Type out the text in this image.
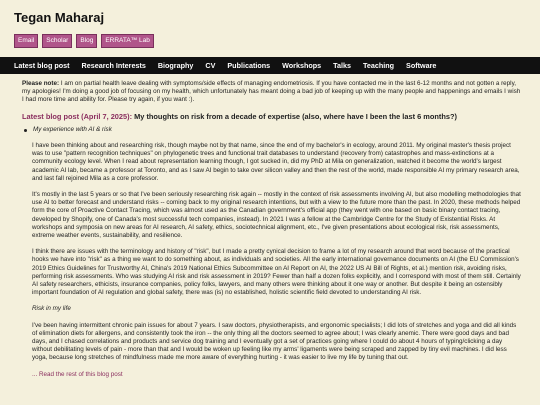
Tegan Maharaj
Email	Scholar	Blog	ERRATA™ Lab
Latest blog post Research Interests Biography CV Publications Workshops Talks Teaching Software

Please note: I am on partial health leave dealing with symptoms/side effects of managing endometriosis. If you have contacted me in the last 6-12 months and not gotten a reply, my apologies! I'm doing a good job of focusing on my health, which unfortunately has meant doing a bad job of keeping up with the many people and happenings and emails I wish I had more time and ability for. Please try again, if you want :).

Latest blog post (April 7, 2025): My thoughts on risk from a decade of expertise (also, where have I been the last 6 months?)
My experience with AI & risk

I have been thinking about and researching risk, though maybe not by that name, since the end of my bachelor's in ecology, around 2011. My original master's thesis project was to use "pattern recognition techniques" on phylogenetic trees and functional trait databases to understand (recovery from) catastrophes and mass-extinctions at a community ecology level. When I read about representation learning though, I got sucked in, did my PhD at Mila on generalization, watched it become the world's largest academic AI lab, became a professor at Toronto, and as I saw AI begin to take over silicon valley and then the rest of the world, made responsible AI my primary research area, and last fall rejoined Mila as a core professor.

It's mostly in the last 5 years or so that I've been seriously researching risk again -- mostly in the context of risk assessments involving AI, but also modelling methodologies that use AI to better forecast and understand risks -- coming back to my original research intentions, but with a view to the future more than the past. In 2020, these methods helped form the core of Proactive Contact Tracing, which was almost used as the Canadian government's official app (they went with one based on basic binary contact tracing, developed by Shopify, one of Canada's most successful tech companies, instead). In 2021 I was a fellow at the Cambridge Centre for the Study of Existential Risks. At workshops and symposia on new areas for AI research, AI safety, ethics, sociotechnical alignment, etc., I've given presentations about ecological risk, risk assessments, extreme weather events, sustainability, and resilience.

I think there are issues with the terminology and history of "risk", but I made a pretty cynical decision to frame a lot of my research around that word because of the practical hooks we have into "risk" as a thing we want to do something about, as individuals and societies. All the early international governance documents on AI (the EU Commission's 2019 Ethics Guidelines for Trustworthy AI, China's 2019 National Ethics Subcommittee on AI Report on AI, the 2022 US AI Bill of Rights, et al.) mention risk, avoiding risks, performing risk assessments. Who was studying AI risk and risk assessment in 2019? Fewer than half a dozen folks explicitly, and I correspond with most of them still. Certainly AI safety researchers, ethicists, insurance companies, policy folks, lawyers, and many others were thinking about it one way or another. But despite it being an ostensibly important foundation of AI regulation and global safety, there was (is) no established, holistic scientific field devoted to understanding AI risk.

Risk in my life

I've been having intermittent chronic pain issues for about 7 years. I saw doctors, physiotherapists, and ergonomic specialists; I did lots of stretches and yoga and did all kinds of elimination diets for allergens, and consistently took the iron -- the only thing all the doctors seemed to agree about; I was clearly anemic. There were good days and bad days, and I chased correlations and products and service dog training and I eventually got a set of practices going where I could do about 4 hours of typing/clicking a day without debilitating levels of pain - more than that and I would be woken up feeling like my arms' ligaments were being scraped and zapped by tiny evil machines. I did less yoga, because long stretches of mindfulness made me more aware of everything hurting - it was easier to live my life by tuning that out.

... Read the rest of this blog post
